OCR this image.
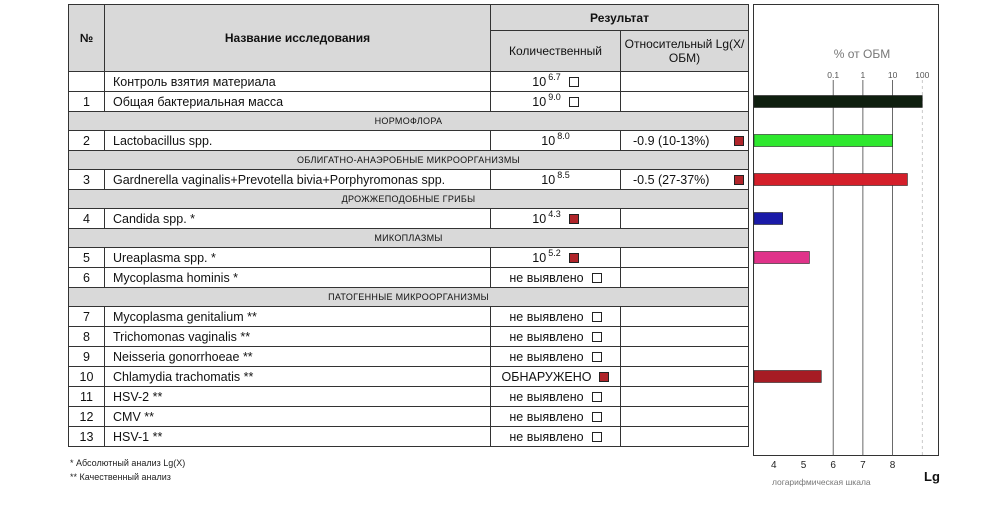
№	Название исследования	Результат	
		Количественный	Относительный Lg(X/ОБМ)
	Контроль взятия материала	10 $^{6.7}$

1	Общая бактериальная масса	10 $^{9.0}$

НОРМОФЛОРА			
2	Lactobacillus spp.	10 $^{8.0}$	-0.9 (10-13%)

ОБЛИГАТНО-АНАЭРОБНЫЕ МИКРООРГАНИЗМЫ			
3	Gardnerella vaginalis+Prevotella bivia+Porphyromonas spp.	10 $^{8.5}$	-0.5 (27-37%)

ДРОЖЖЕПОДОБНЫЕ ГРИБЫ			
4	Candida spp. *	10 $^{4.3}$

МИКОПЛАЗМЫ			
5	Ureaplasma spp. *	10 $^{5.2}$

6	Mycoplasma hominis *	не выявлено	

ПАТОГЕННЫЕ МИКРООРГАНИЗМЫ			
7	Mycoplasma genitalium **	не выявлено	

8	Trichomonas vaginalis **	не выявлено	

9	Neisseria gonorrhoeae **	не выявлено	

10	Chlamydia trachomatis **	ОБНАРУЖЕНО	

11	HSV-2 **	не выявлено	

12	CMV **	не выявлено	

13	HSV-1 **	не выявлено	

% от ОБМ
0.1	1	10 100
4 5 6 7 8
* Абсолютный анализ Lg(X)
** Качественный анализ	логарифмическая шкала	Lg
